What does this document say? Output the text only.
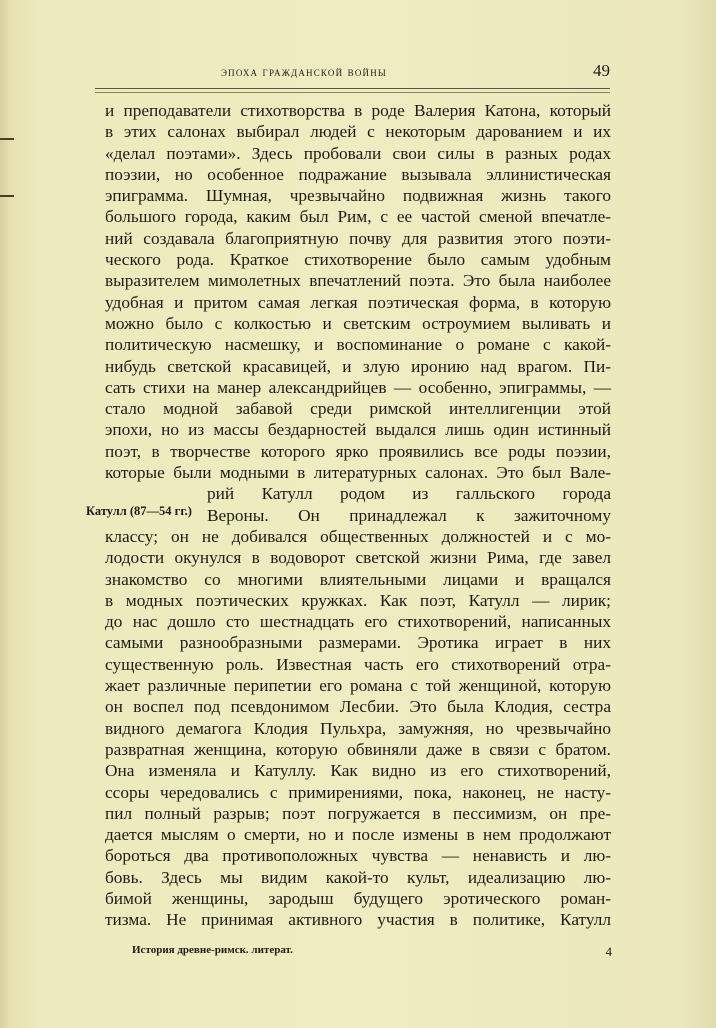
эпоха гражданской войны	49
и преподаватели стихотворства в роде Валерия Катона, который
в этих салонах выбирал людей с некоторым дарованием и их
«делал поэтами». Здесь пробовали свои силы в разных родах
поэзии, но особенное подражание вызывала эллинистическая
эпиграмма. Шумная, чрезвычайно подвижная жизнь такого
большого города, каким был Рим, с ее частой сменой впечатле-
ний создавала благоприятную почву для развития этого поэти-
ческого рода. Краткое стихотворение было самым удобным
выразителем мимолетных впечатлений поэта. Это была наиболее
удобная и притом самая легкая поэтическая форма, в которую
можно было с колкостью и светским остроумием выливать и
политическую насмешку, и воспоминание о романе с какой-
нибудь светской красавицей, и злую иронию над врагом. Пи-
сать стихи на манер александрийцев — особенно, эпиграммы, —
стало модной забавой среди римской интеллигенции этой
эпохи, но из массы бездарностей выдался лишь один истинный
поэт, в творчестве которого ярко проявились все роды поэзии,
которые были модными в литературных салонах. Это был Вале-
рий Катулл родом из галльского города
Вероны. Он принадлежал к зажиточному
классу; он не добивался общественных должностей и с мо-
лодости окунулся в водоворот светской жизни Рима, где завел
знакомство со многими влиятельными лицами и вращался
в модных поэтических кружках. Как поэт, Катулл — лирик;
до нас дошло сто шестнадцать его стихотворений, написанных
самыми разнообразными размерами. Эротика играет в них
существенную роль. Известная часть его стихотворений отра-
жает различные перипетии его романа с той женщиной, которую
он воспел под псевдонимом Лесбии. Это была Клодия, сестра
видного демагога Клодия Пульхра, замужняя, но чрезвычайно
развратная женщина, которую обвиняли даже в связи с братом.
Она изменяла и Катуллу. Как видно из его стихотворений,
ссоры чередовались с примирениями, пока, наконец, не насту-
пил полный разрыв; поэт погружается в пессимизм, он пре-
дается мыслям о смерти, но и после измены в нем продолжают
бороться два противоположных чувства — ненависть и лю-
бовь. Здесь мы видим какой-то культ, идеализацию лю-
бимой женщины, зародыш будущего эротического роман-
тизма. Не принимая активного участия в политике, Катулл
Катулл (87—54 гг.)
История древне-римск. литерат.	4
